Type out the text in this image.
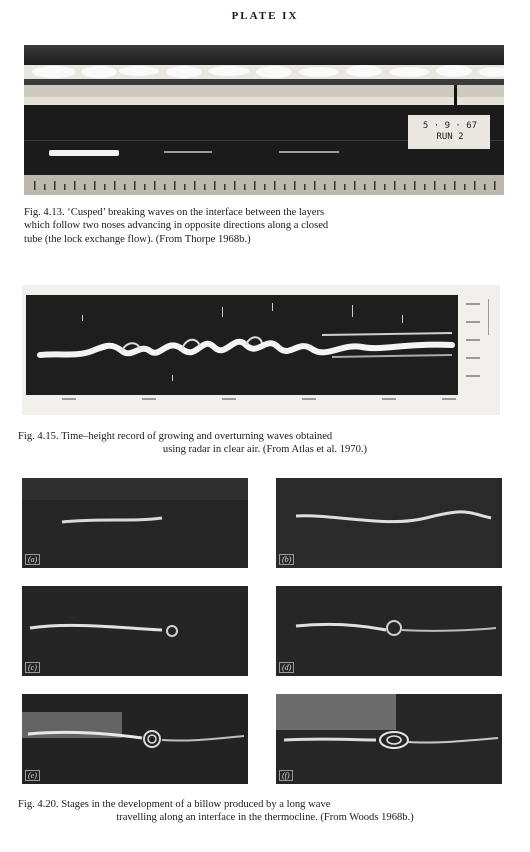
PLATE IX
5 · 9 · 67
RUN 2
Fig. 4.13. ‘Cusped’ breaking waves on the interface between the layers
which follow two noses advancing in opposite directions along a closed
tube (the lock exchange flow). (From Thorpe 1968b.)
Fig. 4.15. Time–height record of growing and overturning waves obtained
using radar in clear air. (From Atlas et al. 1970.)
(a)	(b)
(c)	(d)
(e)	(f)
Fig. 4.20. Stages in the development of a billow produced by a long wave
travelling along an interface in the thermocline. (From Woods 1968b.)
